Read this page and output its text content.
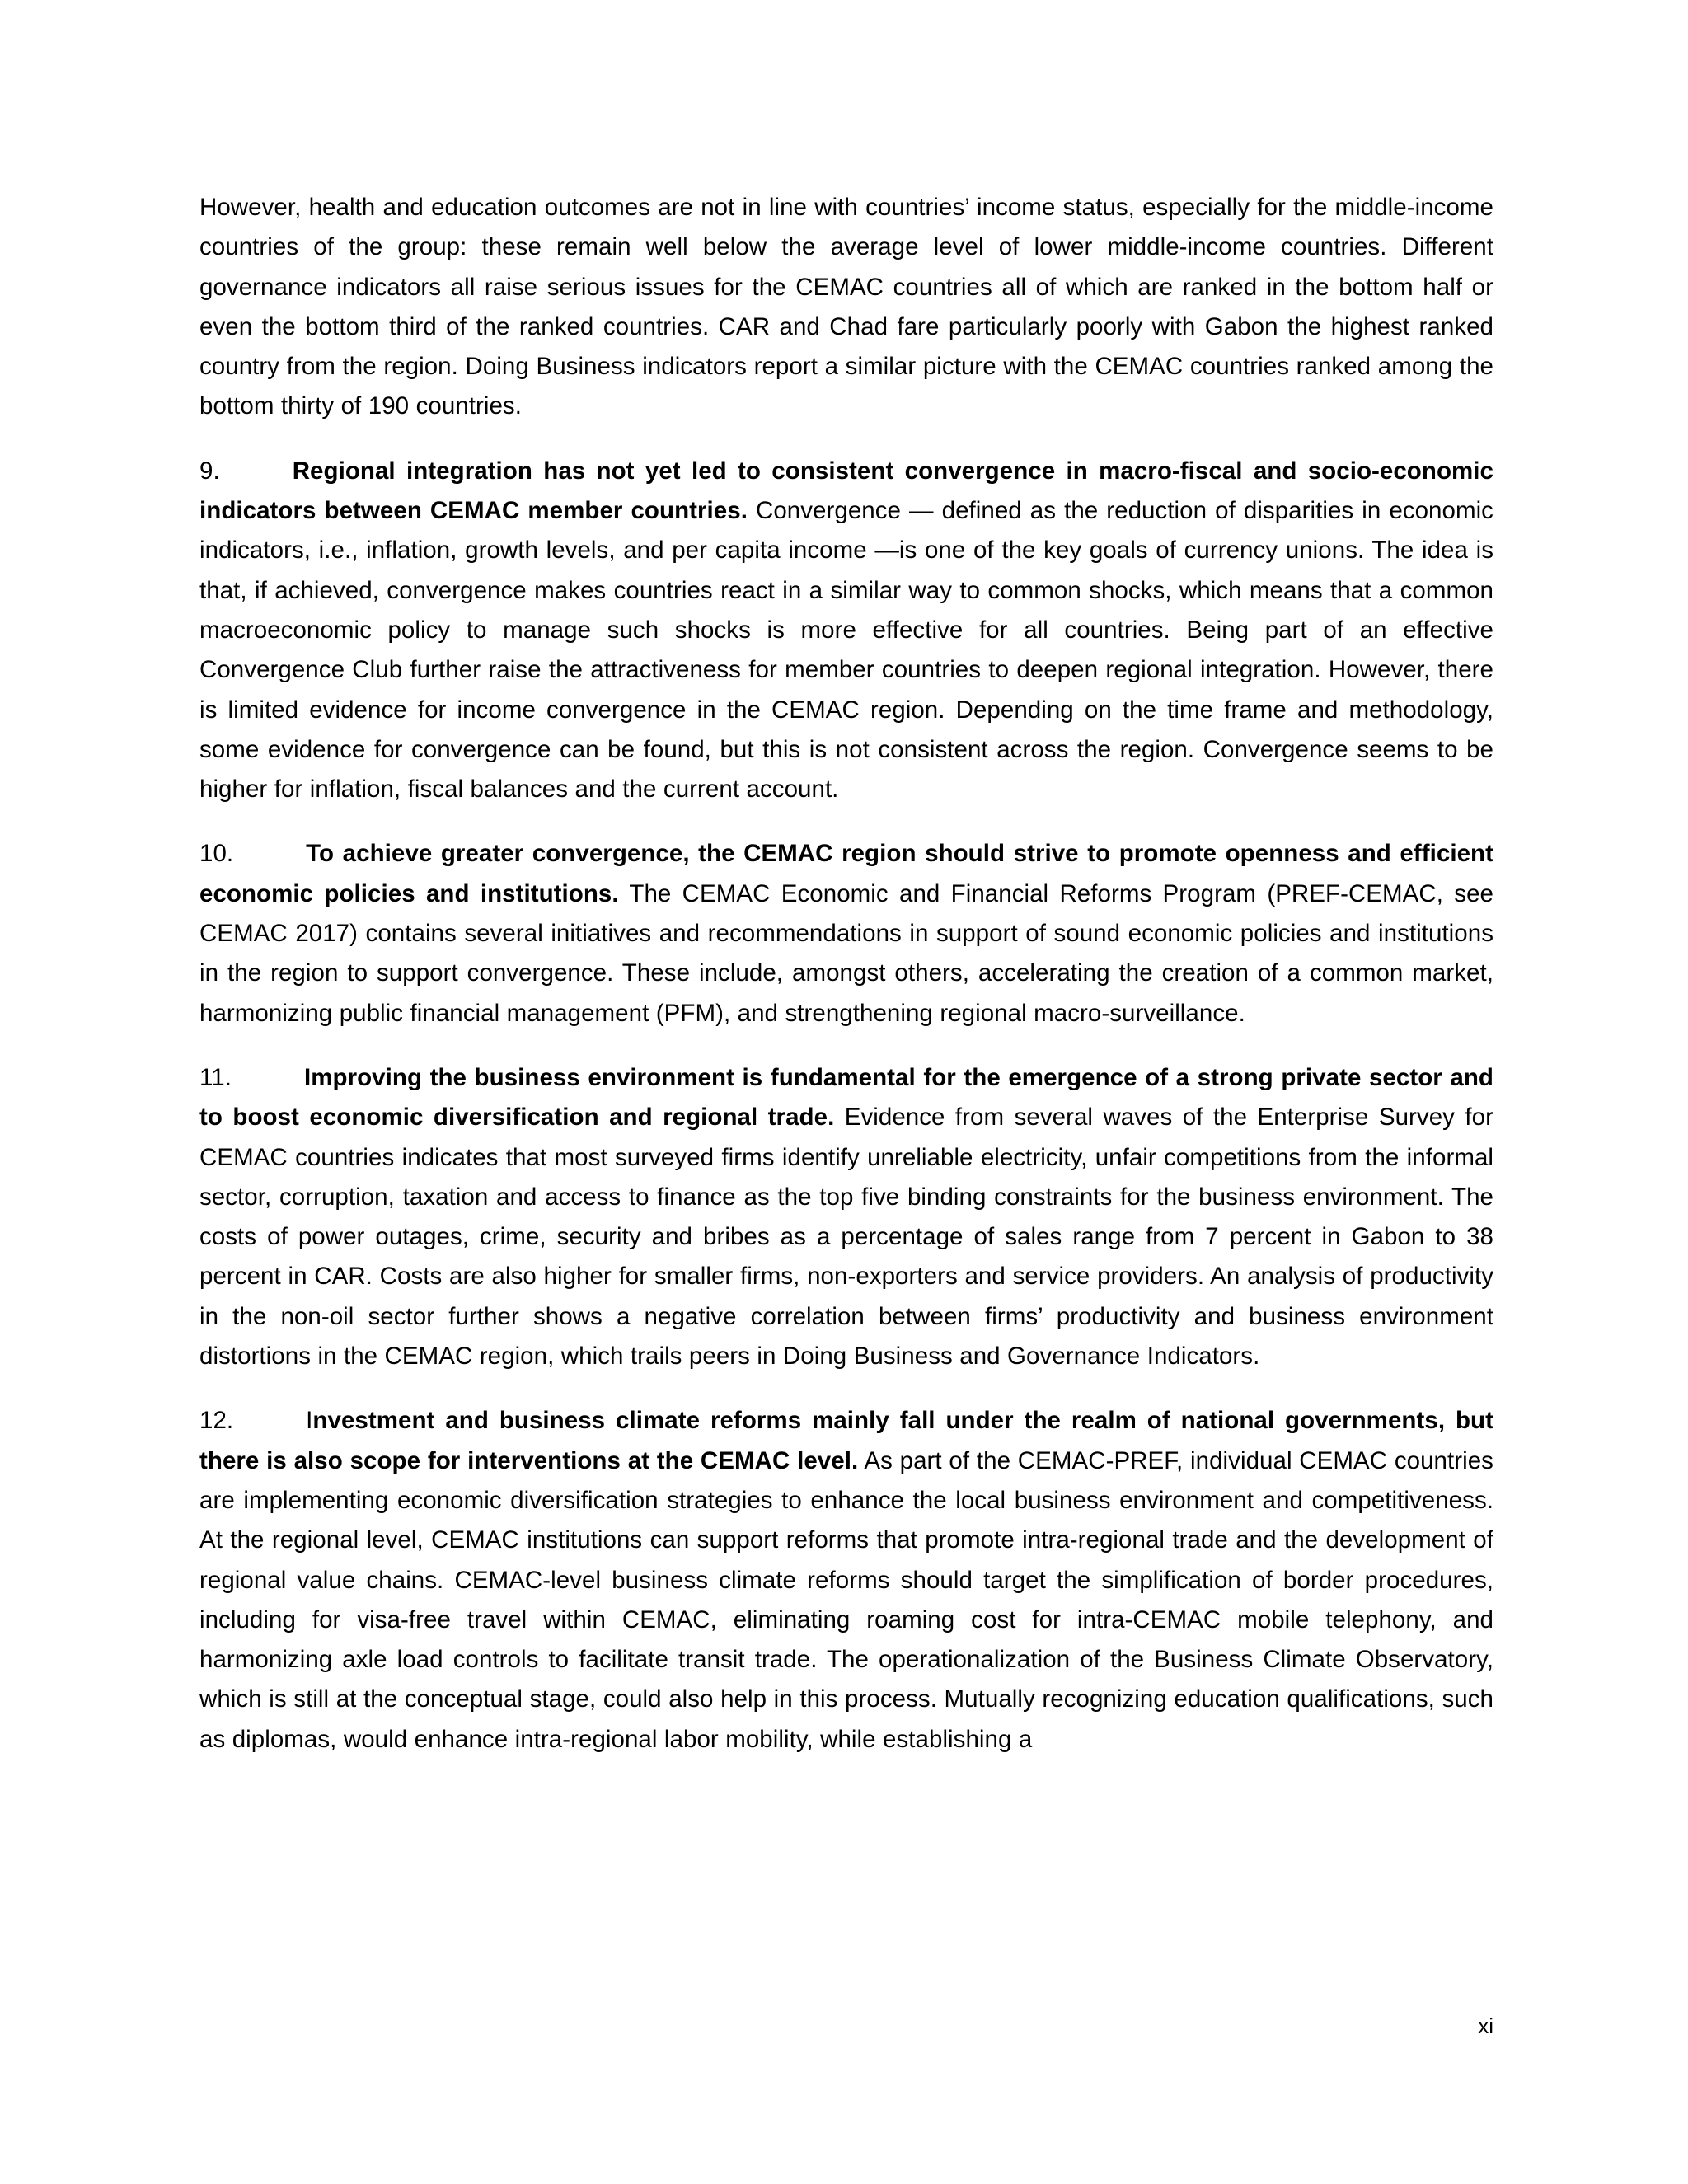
However, health and education outcomes are not in line with countries’ income status, especially for the middle-income countries of the group: these remain well below the average level of lower middle-income countries. Different governance indicators all raise serious issues for the CEMAC countries all of which are ranked in the bottom half or even the bottom third of the ranked countries. CAR and Chad fare particularly poorly with Gabon the highest ranked country from the region. Doing Business indicators report a similar picture with the CEMAC countries ranked among the bottom thirty of 190 countries.

9.	Regional integration has not yet led to consistent convergence in macro-fiscal and socio-economic indicators between CEMAC member countries. Convergence — defined as the reduction of disparities in economic indicators, i.e., inflation, growth levels, and per capita income —is one of the key goals of currency unions. The idea is that, if achieved, convergence makes countries react in a similar way to common shocks, which means that a common macroeconomic policy to manage such shocks is more effective for all countries. Being part of an effective Convergence Club further raise the attractiveness for member countries to deepen regional integration. However, there is limited evidence for income convergence in the CEMAC region. Depending on the time frame and methodology, some evidence for convergence can be found, but this is not consistent across the region. Convergence seems to be higher for inflation, fiscal balances and the current account.

10.	To achieve greater convergence, the CEMAC region should strive to promote openness and efficient economic policies and institutions. The CEMAC Economic and Financial Reforms Program (PREF-CEMAC, see CEMAC 2017) contains several initiatives and recommendations in support of sound economic policies and institutions in the region to support convergence. These include, amongst others, accelerating the creation of a common market, harmonizing public financial management (PFM), and strengthening regional macro-surveillance.

11.	Improving the business environment is fundamental for the emergence of a strong private sector and to boost economic diversification and regional trade. Evidence from several waves of the Enterprise Survey for CEMAC countries indicates that most surveyed firms identify unreliable electricity, unfair competitions from the informal sector, corruption, taxation and access to finance as the top five binding constraints for the business environment. The costs of power outages, crime, security and bribes as a percentage of sales range from 7 percent in Gabon to 38 percent in CAR. Costs are also higher for smaller firms, non-exporters and service providers. An analysis of productivity in the non-oil sector further shows a negative correlation between firms’ productivity and business environment distortions in the CEMAC region, which trails peers in Doing Business and Governance Indicators.

12.	Investment and business climate reforms mainly fall under the realm of national governments, but there is also scope for interventions at the CEMAC level. As part of the CEMAC-PREF, individual CEMAC countries are implementing economic diversification strategies to enhance the local business environment and competitiveness. At the regional level, CEMAC institutions can support reforms that promote intra-regional trade and the development of regional value chains. CEMAC-level business climate reforms should target the simplification of border procedures, including for visa-free travel within CEMAC, eliminating roaming cost for intra-CEMAC mobile telephony, and harmonizing axle load controls to facilitate transit trade. The operationalization of the Business Climate Observatory, which is still at the conceptual stage, could also help in this process. Mutually recognizing education qualifications, such as diplomas, would enhance intra-regional labor mobility, while establishing a

xi
